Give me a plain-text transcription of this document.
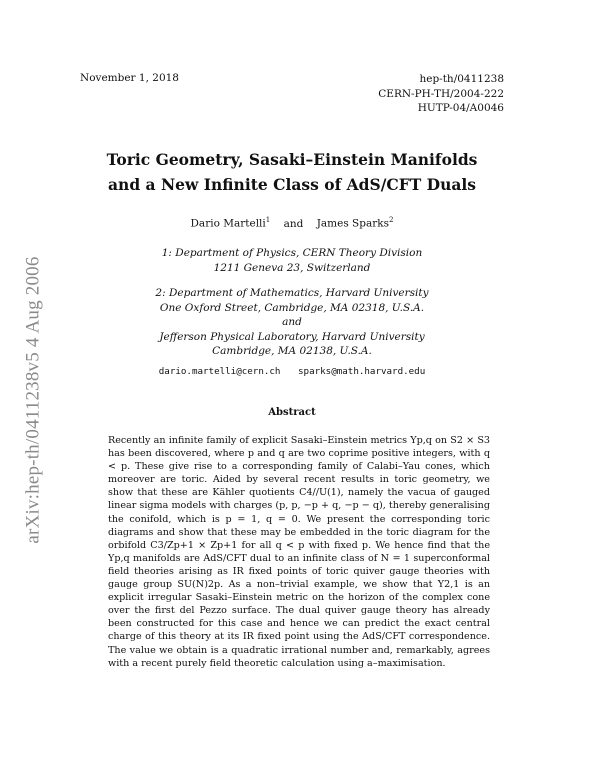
November 1, 2018	hep-th/0411238
CERN-PH-TH/2004-222
HUTP-04/A0046
arXiv:hep-th/0411238v5 4 Aug 2006
Toric Geometry, Sasaki–Einstein Manifolds
and a New Infinite Class of AdS/CFT Duals
Dario Martelli$^1$ and James Sparks$^2$
1: Department of Physics, CERN Theory Division
1211 Geneva 23, Switzerland
2: Department of Mathematics, Harvard University
One Oxford Street, Cambridge, MA 02318, U.S.A.
and
Jefferson Physical Laboratory, Harvard University
Cambridge, MA 02138, U.S.A.
dario.martelli@cern.ch sparks@math.harvard.edu
Abstract

Recently an infinite family of explicit Sasaki–Einstein metrics Yp,q on S2 × S3 has been discovered, where p and q are two coprime positive integers, with q < p. These give rise to a corresponding family of Calabi–Yau cones, which moreover are toric. Aided by several recent results in toric geometry, we show that these are Kähler quotients C4//U(1), namely the vacua of gauged linear sigma models with charges (p, p, −p + q, −p − q), thereby generalising the conifold, which is p = 1, q = 0. We present the corresponding toric diagrams and show that these may be embedded in the toric diagram for the orbifold C3/Zp+1 × Zp+1 for all q < p with fixed p. We hence find that the Yp,q manifolds are AdS/CFT dual to an infinite class of N = 1 superconformal field theories arising as IR fixed points of toric quiver gauge theories with gauge group SU(N)2p. As a non–trivial example, we show that Y2,1 is an explicit irregular Sasaki–Einstein metric on the horizon of the complex cone over the first del Pezzo surface. The dual quiver gauge theory has already been constructed for this case and hence we can predict the exact central charge of this theory at its IR fixed point using the AdS/CFT correspondence. The value we obtain is a quadratic irrational number and, remarkably, agrees with a recent purely field theoretic calculation using a–maximisation.
